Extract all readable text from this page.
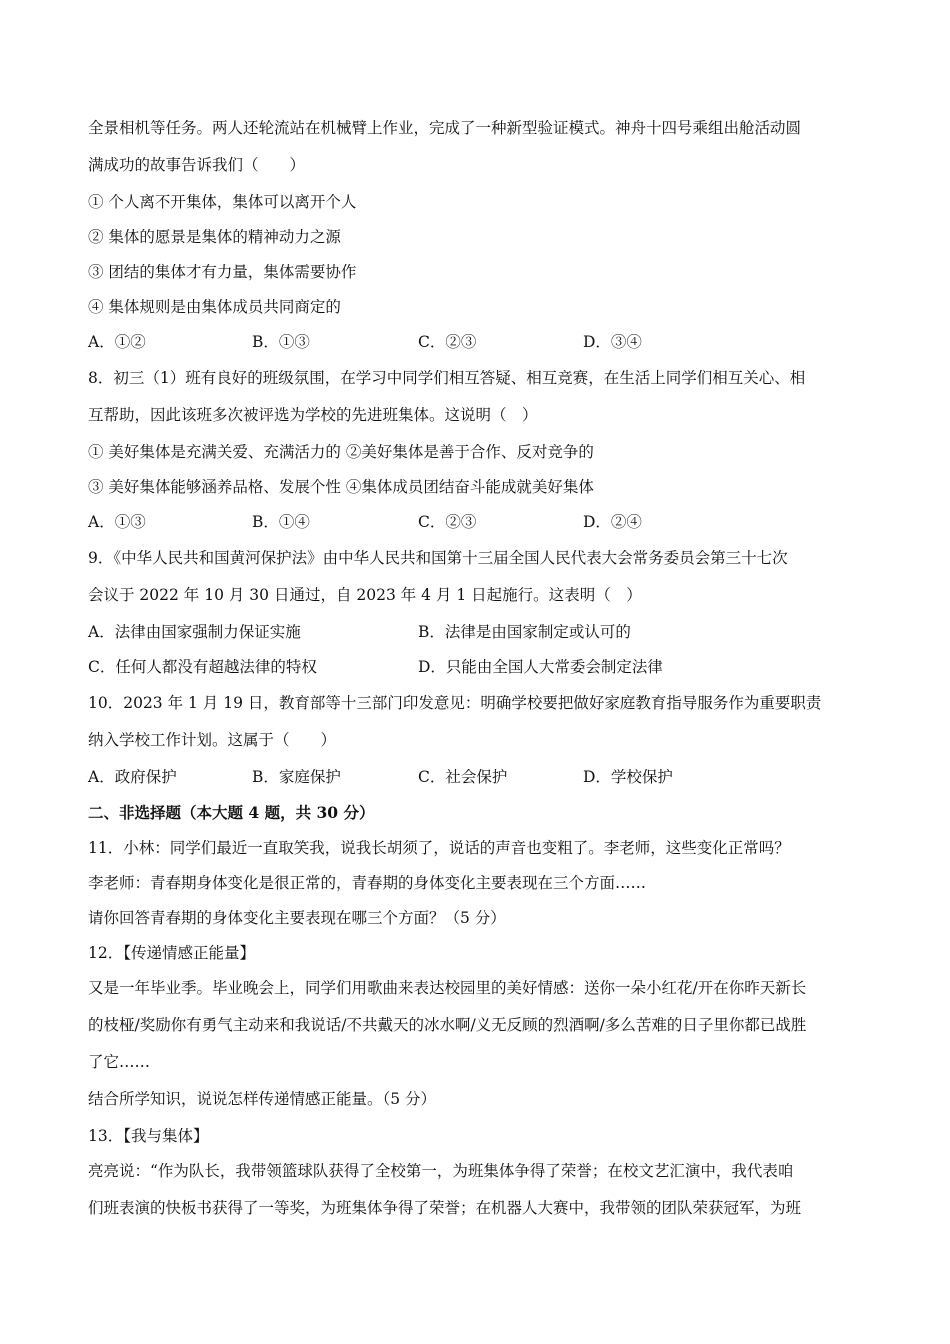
全景相机等任务。两人还轮流站在机械臂上作业，完成了一种新型验证模式。神舟十四号乘组出舱活动圆
满成功的故事告诉我们（　　）
① 个人离不开集体，集体可以离开个人
② 集体的愿景是集体的精神动力之源
③ 团结的集体才有力量，集体需要协作
④ 集体规则是由集体成员共同商定的
A．①②	B．①③	C．②③	D．③④
8．初三（1）班有良好的班级氛围，在学习中同学们相互答疑、相互竞赛，在生活上同学们相互关心、相
互帮助，因此该班多次被评选为学校的先进班集体。这说明（　）
① 美好集体是充满关爱、充满活力的 ②美好集体是善于合作、反对竞争的
③ 美好集体能够涵养品格、发展个性 ④集体成员团结奋斗能成就美好集体
A．①③	B．①④	C．②③	D．②④
9．《中华人民共和国黄河保护法》由中华人民共和国第十三届全国人民代表大会常务委员会第三十七次
会议于 2022 年 10 月 30 日通过，自 2023 年 4 月 1 日起施行。这表明（　）
A．法律由国家强制力保证实施	B．法律是由国家制定或认可的
C．任何人都没有超越法律的特权	D．只能由全国人大常委会制定法律
10．2023 年 1 月 19 日，教育部等十三部门印发意见：明确学校要把做好家庭教育指导服务作为重要职责
纳入学校工作计划。这属于（　　）
A．政府保护	B．家庭保护	C．社会保护	D．学校保护
二、非选择题（本大题 4 题，共 30 分）
11．小林：同学们最近一直取笑我，说我长胡须了，说话的声音也变粗了。李老师，这些变化正常吗？
李老师：青春期身体变化是很正常的，青春期的身体变化主要表现在三个方面……
请你回答青春期的身体变化主要表现在哪三个方面？（5 分）
12．【传递情感正能量】
又是一年毕业季。毕业晚会上，同学们用歌曲来表达校园里的美好情感：送你一朵小红花/开在你昨天新长
的枝桠/奖励你有勇气主动来和我说话/不共戴天的冰水啊/义无反顾的烈酒啊/多么苦难的日子里你都已战胜
了它……
结合所学知识，说说怎样传递情感正能量。（5 分）
13．【我与集体】
亮亮说：“作为队长，我带领篮球队获得了全校第一，为班集体争得了荣誉；在校文艺汇演中，我代表咱
们班表演的快板书获得了一等奖，为班集体争得了荣誉；在机器人大赛中，我带领的团队荣获冠军，为班
